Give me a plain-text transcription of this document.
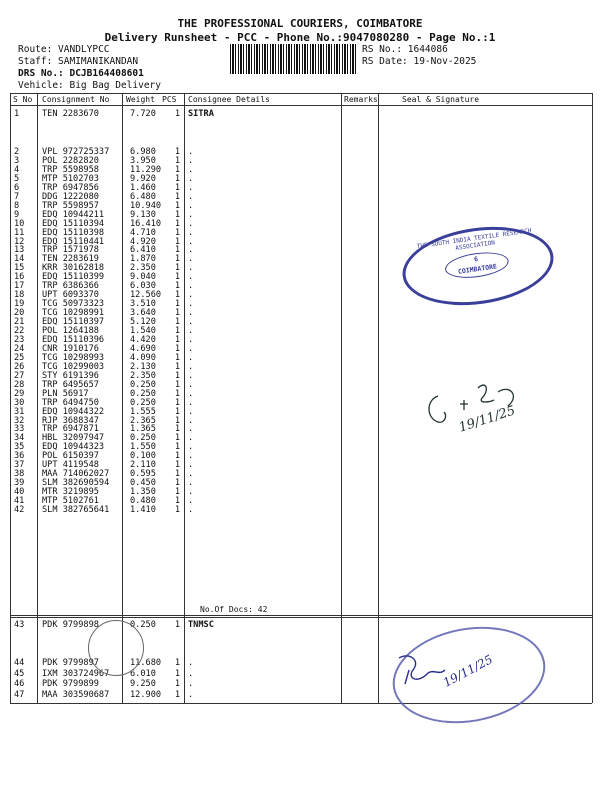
THE PROFESSIONAL COURIERS, COIMBATORE
Delivery Runsheet - PCC - Phone No.:9047080280 - Page No.:1
Route: VANDLYPCC
Staff: SAMIMANIKANDAN
DRS No.: DCJB164408601
Vehicle: Big Bag Delivery
RS No.: 1644086
RS Date: 19-Nov-2025
S No Consignment No Weight PCS Consignee Details	Remarks	Seal & Signature
1	TEN 2283670	7.720	1 SITRA
2	VPL 972725337 6.980	1 .
3	POL 2282820	3.950	1 .
4	TRP 5598958	11.290	1 .
5	MTP 5102703	9.920	1 .
6	TRP 6947856	1.460	1 .
7	DDG 1222080	6.480	1 .
8	TRP 5598957	10.940	1 .
9	EDQ 10944211	9.130	1 .
10 EDQ 15110394	16.410	1 .
11 EDQ 15110398	4.710	1 .
12 EDQ 15110441	4.920	1 .
13 TRP 1571978	6.410	1 .
14 TEN 2283619	1.870	1 .
15 KRR 30162818	2.350	1 .
16 EDQ 15110399	9.040	1 .
17 TRP 6386366	6.030	1 .
18 UPT 6093370	12.560	1 .
19 TCG 50973323	3.510	1 .
20 TCG 10298991	3.640	1 .
21 EDQ 15110397	5.120	1 .
22 POL 1264188	1.540	1 .
23 EDQ 15110396	4.420	1 .
24 CNR 1910176	4.690	1 .
25 TCG 10298993	4.090	1 .
26 TCG 10299003	2.130	1 .
27 STY 6191396	2.350	1 .
28 TRP 6495657	0.250	1 .
29 PLN 56917	0.250	1 .
30 TRP 6494750	0.250	1 .
31 EDQ 10944322	1.555	1 .
32 RJP 3688347	2.365	1 .
33 TRP 6947871	1.365	1 .
34 HBL 32097947	0.250	1 .
35 EDQ 10944323	1.550	1 .
36 POL 6150397	0.100	1 .
37 UPT 4119548	2.110	1 .
38 MAA 714062027 0.595	1 .
39 SLM 382690594 0.450	1 .
40 MTR 3219895	1.350	1 .
41 MTP 5102761	0.480	1 .
42 SLM 382765641 1.410	1 .
No.Of Docs: 42
43 PDK 9799898	0.250	1 TNMSC
44 PDK 9799897	11.680	1 .
45 IXM 303724967 6.010	1 .
46 PDK 9799899	9.250	1 .
47 MAA 303590687 12.900	1 .
THE SOUTH INDIA TEXTILE RESEARCH ASSOCIATION
6
COIMBATORE
19/11/25
19/11/25
